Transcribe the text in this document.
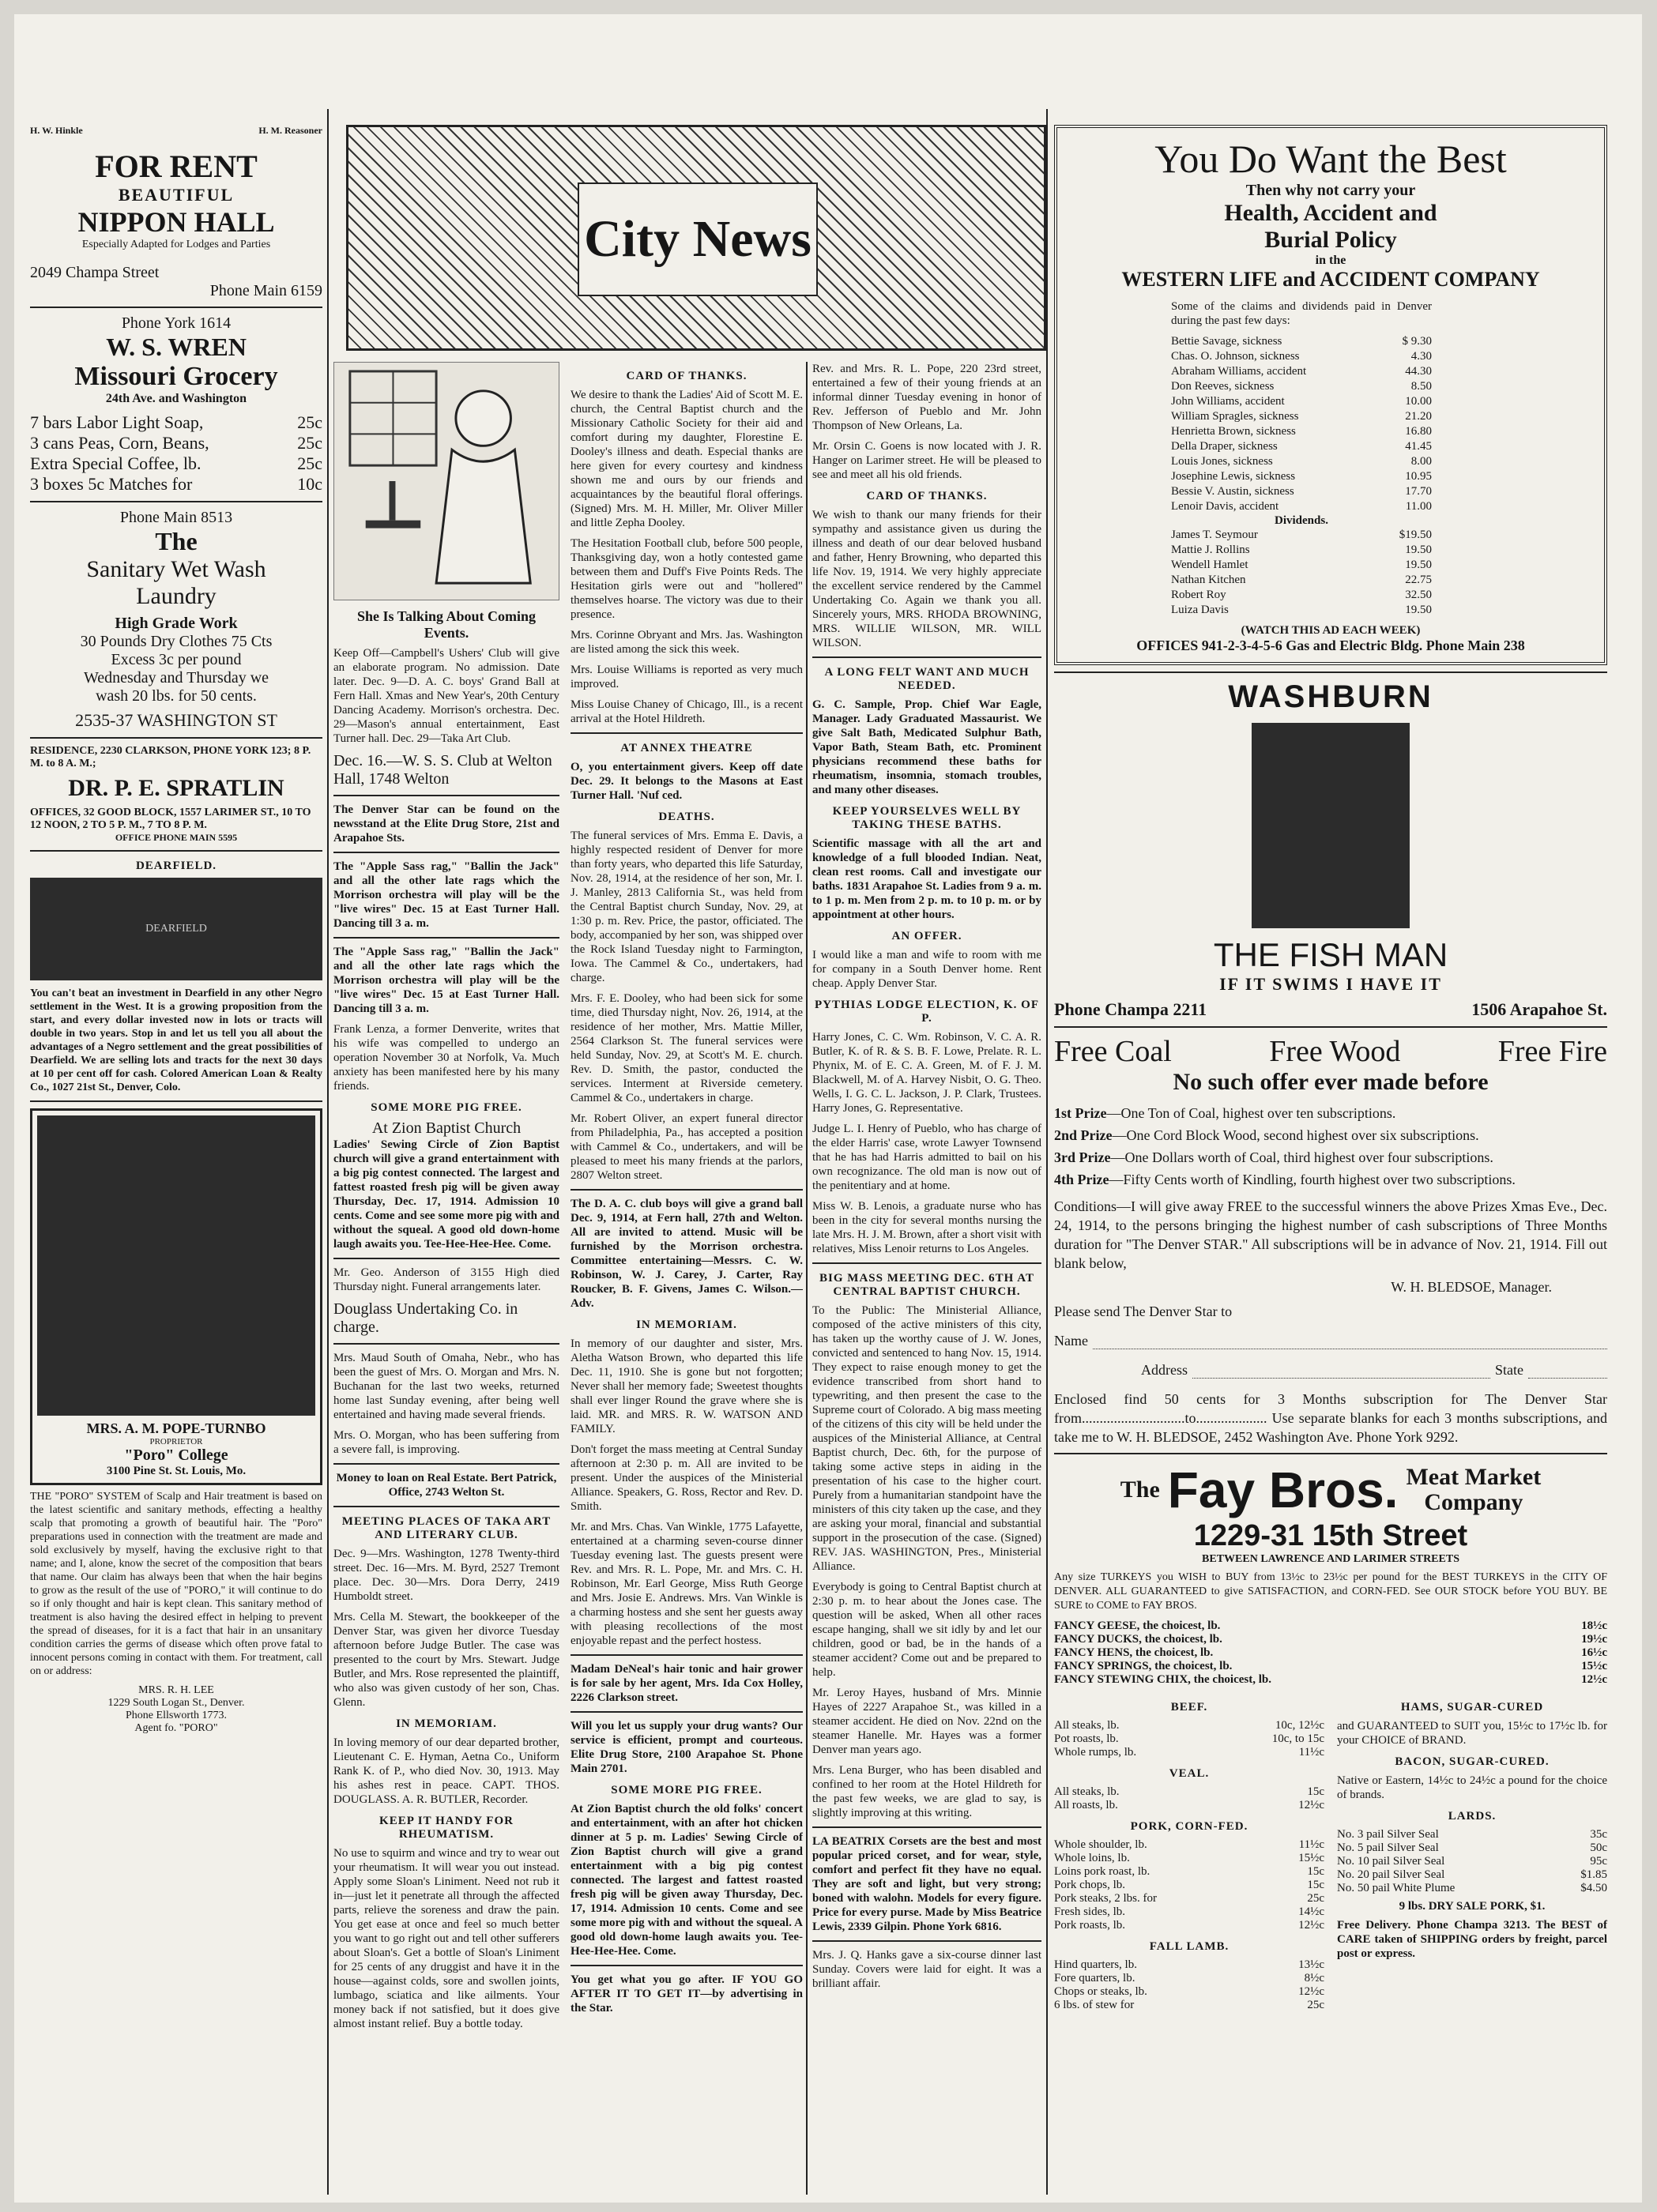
H. W. Hinkle	H. M. Reasoner
FOR RENT
BEAUTIFUL
NIPPON HALL
Especially Adapted for Lodges and Parties
2049 Champa Street
Phone Main 6159
Phone York 1614
W. S. WREN
Missouri Grocery
24th Ave. and Washington
7 bars Labor Light Soap,	25c
3 cans Peas, Corn, Beans,	25c
Extra Special Coffee, lb.	25c
3 boxes 5c Matches for	10c
Phone Main 8513
The
Sanitary Wet Wash
Laundry
High Grade Work
30 Pounds Dry Clothes 75 Cts
Excess 3c per pound
Wednesday and Thursday we
wash 20 lbs. for 50 cents.
2535-37 WASHINGTON ST
RESIDENCE, 2230 CLARKSON, PHONE YORK 123; 8 P. M. to 8 A. M.;
DR. P. E. SPRATLIN
OFFICES, 32 GOOD BLOCK, 1557 LARIMER ST., 10 TO 12 NOON, 2 TO 5 P. M., 7 TO 8 P. M.
OFFICE PHONE MAIN 5595
DEARFIELD.
DEARFIELD

You can't beat an investment in Dearfield in any other Negro settlement in the West. It is a growing proposition from the start, and every dollar invested now in lots or tracts will double in two years. Stop in and let us tell you all about the advantages of a Negro settlement and the great possibilities of Dearfield. We are selling lots and tracts for the next 30 days at 10 per cent off for cash. Colored American Loan & Realty Co., 1027 21st St., Denver, Colo.

MRS. A. M. POPE-TURNBO
PROPRIETOR
"Poro" College
3100 Pine St. St. Louis, Mo.

THE "PORO" SYSTEM of Scalp and Hair treatment is based on the latest scientific and sanitary methods, effecting a healthy scalp that promoting a growth of beautiful hair. The "Poro" preparations used in connection with the treatment are made and sold exclusively by myself, having the exclusive right to that name; and I, alone, know the secret of the composition that bears that name. Our claim has always been that when the hair begins to grow as the result of the use of "PORO," it will continue to do so if only thought and hair is kept clean. This sanitary method of treatment is also having the desired effect in helping to prevent the spread of diseases, for it is a fact that hair in an unsanitary condition carries the germs of disease which often prove fatal to innocent persons coming in contact with them. For treatment, call on or address:

MRS. R. H. LEE
1229 South Logan St., Denver.
Phone Ellsworth 1773.
Agent fo. "PORO"
City News
She Is Talking About Coming Events.

Keep Off—Campbell's Ushers' Club will give an elaborate program. No admission. Date later. Dec. 9—D. A. C. boys' Grand Ball at Fern Hall. Xmas and New Year's, 20th Century Dancing Academy. Morrison's orchestra. Dec. 29—Mason's annual entertainment, East Turner hall. Dec. 29—Taka Art Club.

Dec. 16.—W. S. S. Club at Welton Hall, 1748 Welton

The Denver Star can be found on the newsstand at the Elite Drug Store, 21st and Arapahoe Sts.

The "Apple Sass rag," "Ballin the Jack" and all the other late rags which the Morrison orchestra will play will be the "live wires" Dec. 15 at East Turner Hall. Dancing till 3 a. m.

The "Apple Sass rag," "Ballin the Jack" and all the other late rags which the Morrison orchestra will play will be the "live wires" Dec. 15 at East Turner Hall. Dancing till 3 a. m.

Frank Lenza, a former Denverite, writes that his wife was compelled to undergo an operation November 30 at Norfolk, Va. Much anxiety has been manifested here by his many friends.

SOME MORE PIG FREE.
At Zion Baptist Church

Ladies' Sewing Circle of Zion Baptist church will give a grand entertainment with a big pig contest connected. The largest and fattest roasted fresh pig will be given away Thursday, Dec. 17, 1914. Admission 10 cents. Come and see some more pig with and without the squeal. A good old down-home laugh awaits you. Tee-Hee-Hee-Hee. Come.

Mr. Geo. Anderson of 3155 High died Thursday night. Funeral arrangements later.

Douglass Undertaking Co. in charge.

Mrs. Maud South of Omaha, Nebr., who has been the guest of Mrs. O. Morgan and Mrs. N. Buchanan for the last two weeks, returned home last Sunday evening, after being well entertained and having made several friends.

Mrs. O. Morgan, who has been suffering from a severe fall, is improving.

Money to loan on Real Estate. Bert Patrick, Office, 2743 Welton St.

MEETING PLACES OF TAKA ART AND LITERARY CLUB.

Dec. 9—Mrs. Washington, 1278 Twenty-third street. Dec. 16—Mrs. M. Byrd, 2527 Tremont place. Dec. 30—Mrs. Dora Derry, 2419 Humboldt street.

Mrs. Cella M. Stewart, the bookkeeper of the Denver Star, was given her divorce Tuesday afternoon before Judge Butler. The case was presented to the court by Mrs. Stewart. Judge Butler, and Mrs. Rose represented the plaintiff, who also was given custody of her son, Chas. Glenn.

IN MEMORIAM.

In loving memory of our dear departed brother, Lieutenant C. E. Hyman, Aetna Co., Uniform Rank K. of P., who died Nov. 30, 1913. May his ashes rest in peace. CAPT. THOS. DOUGLASS. A. R. BUTLER, Recorder.

KEEP IT HANDY FOR RHEUMATISM.

No use to squirm and wince and try to wear out your rheumatism. It will wear you out instead. Apply some Sloan's Liniment. Need not rub it in—just let it penetrate all through the affected parts, relieve the soreness and draw the pain. You get ease at once and feel so much better you want to go right out and tell other sufferers about Sloan's. Get a bottle of Sloan's Liniment for 25 cents of any druggist and have it in the house—against colds, sore and swollen joints, lumbago, sciatica and like ailments. Your money back if not satisfied, but it does give almost instant relief. Buy a bottle today.

CARD OF THANKS.

We desire to thank the Ladies' Aid of Scott M. E. church, the Central Baptist church and the Missionary Catholic Society for their aid and comfort during my daughter, Florestine E. Dooley's illness and death. Especial thanks are here given for every courtesy and kindness shown me and ours by our friends and acquaintances by the beautiful floral offerings. (Signed) Mrs. M. H. Miller, Mr. Oliver Miller and little Zepha Dooley.

The Hesitation Football club, before 500 people, Thanksgiving day, won a hotly contested game between them and Duff's Five Points Reds. The Hesitation girls were out and "hollered" themselves hoarse. The victory was due to their presence.

Mrs. Corinne Obryant and Mrs. Jas. Washington are listed among the sick this week.

Mrs. Louise Williams is reported as very much improved.

Miss Louise Chaney of Chicago, Ill., is a recent arrival at the Hotel Hildreth.

AT ANNEX THEATRE

O, you entertainment givers. Keep off date Dec. 29. It belongs to the Masons at East Turner Hall. 'Nuf ced.

DEATHS.

The funeral services of Mrs. Emma E. Davis, a highly respected resident of Denver for more than forty years, who departed this life Saturday, Nov. 28, 1914, at the residence of her son, Mr. I. J. Manley, 2813 California St., was held from the Central Baptist church Sunday, Nov. 29, at 1:30 p. m. Rev. Price, the pastor, officiated. The body, accompanied by her son, was shipped over the Rock Island Tuesday night to Farmington, Iowa. The Cammel & Co., undertakers, had charge.

Mrs. F. E. Dooley, who had been sick for some time, died Thursday night, Nov. 26, 1914, at the residence of her mother, Mrs. Mattie Miller, 2564 Clarkson St. The funeral services were held Sunday, Nov. 29, at Scott's M. E. church. Rev. D. Smith, the pastor, conducted the services. Interment at Riverside cemetery. Cammel & Co., undertakers in charge.

Mr. Robert Oliver, an expert funeral director from Philadelphia, Pa., has accepted a position with Cammel & Co., undertakers, and will be pleased to meet his many friends at the parlors, 2807 Welton street.

The D. A. C. club boys will give a grand ball Dec. 9, 1914, at Fern hall, 27th and Welton. All are invited to attend. Music will be furnished by the Morrison orchestra. Committee entertaining—Messrs. C. W. Robinson, W. J. Carey, J. Carter, Ray Roucker, B. F. Givens, James C. Wilson.—Adv.

IN MEMORIAM.

In memory of our daughter and sister, Mrs. Aletha Watson Brown, who departed this life Dec. 11, 1910. She is gone but not forgotten; Never shall her memory fade; Sweetest thoughts shall ever linger Round the grave where she is laid. MR. and MRS. R. W. WATSON AND FAMILY.

Don't forget the mass meeting at Central Sunday afternoon at 2:30 p. m. All are invited to be present. Under the auspices of the Ministerial Alliance. Speakers, G. Ross, Rector and Rev. D. Smith.

Mr. and Mrs. Chas. Van Winkle, 1775 Lafayette, entertained at a charming seven-course dinner Tuesday evening last. The guests present were Rev. and Mrs. R. L. Pope, Mr. and Mrs. C. H. Robinson, Mr. Earl George, Miss Ruth George and Mrs. Josie E. Andrews. Mrs. Van Winkle is a charming hostess and she sent her guests away with pleasing recollections of the most enjoyable repast and the perfect hostess.

Madam DeNeal's hair tonic and hair grower is for sale by her agent, Mrs. Ida Cox Holley, 2226 Clarkson street.

Will you let us supply your drug wants? Our service is efficient, prompt and courteous. Elite Drug Store, 2100 Arapahoe St. Phone Main 2701.

SOME MORE PIG FREE.

At Zion Baptist church the old folks' concert and entertainment, with an after hot chicken dinner at 5 p. m. Ladies' Sewing Circle of Zion Baptist church will give a grand entertainment with a big pig contest connected. The largest and fattest roasted fresh pig will be given away Thursday, Dec. 17, 1914. Admission 10 cents. Come and see some more pig with and without the squeal. A good old down-home laugh awaits you. Tee-Hee-Hee-Hee. Come.

You get what you go after. IF YOU GO AFTER IT TO GET IT—by advertising in the Star.

Rev. and Mrs. R. L. Pope, 220 23rd street, entertained a few of their young friends at an informal dinner Tuesday evening in honor of Rev. Jefferson of Pueblo and Mr. John Thompson of New Orleans, La.

Mr. Orsin C. Goens is now located with J. R. Hanger on Larimer street. He will be pleased to see and meet all his old friends.

CARD OF THANKS.

We wish to thank our many friends for their sympathy and assistance given us during the illness and death of our dear beloved husband and father, Henry Browning, who departed this life Nov. 19, 1914. We very highly appreciate the excellent service rendered by the Cammel Undertaking Co. Again we thank you all. Sincerely yours, MRS. RHODA BROWNING, MRS. WILLIE WILSON, MR. WILL WILSON.

A LONG FELT WANT AND MUCH NEEDED.

G. C. Sample, Prop. Chief War Eagle, Manager. Lady Graduated Massaurist. We give Salt Bath, Medicated Sulphur Bath, Vapor Bath, Steam Bath, etc. Prominent physicians recommend these baths for rheumatism, insomnia, stomach troubles, and many other diseases.

KEEP YOURSELVES WELL BY TAKING THESE BATHS.

Scientific massage with all the art and knowledge of a full blooded Indian. Neat, clean rest rooms. Call and investigate our baths. 1831 Arapahoe St. Ladies from 9 a. m. to 1 p. m. Men from 2 p. m. to 10 p. m. or by appointment at other hours.

AN OFFER.

I would like a man and wife to room with me for company in a South Denver home. Rent cheap. Apply Denver Star.

PYTHIAS LODGE ELECTION, K. OF P.

Harry Jones, C. C. Wm. Robinson, V. C. A. R. Butler, K. of R. & S. B. F. Lowe, Prelate. R. L. Phynix, M. of E. C. A. Green, M. of F. J. M. Blackwell, M. of A. Harvey Nisbit, O. G. Theo. Wells, I. G. C. L. Jackson, J. P. Clark, Trustees. Harry Jones, G. Representative.

Judge L. I. Henry of Pueblo, who has charge of the elder Harris' case, wrote Lawyer Townsend that he has had Harris admitted to bail on his own recognizance. The old man is now out of the penitentiary and at home.

Miss W. B. Lenois, a graduate nurse who has been in the city for several months nursing the late Mrs. H. J. M. Brown, after a short visit with relatives, Miss Lenoir returns to Los Angeles.

BIG MASS MEETING DEC. 6TH AT CENTRAL BAPTIST CHURCH.

To the Public: The Ministerial Alliance, composed of the active ministers of this city, has taken up the worthy cause of J. W. Jones, convicted and sentenced to hang Nov. 15, 1914. They expect to raise enough money to get the evidence transcribed from short hand to typewriting, and then present the case to the Supreme court of Colorado. A big mass meeting of the citizens of this city will be held under the auspices of the Ministerial Alliance, at Central Baptist church, Dec. 6th, for the purpose of taking some active steps in aiding in the presentation of his case to the higher court. Purely from a humanitarian standpoint have the ministers of this city taken up the case, and they are asking your moral, financial and substantial support in the prosecution of the case. (Signed) REV. JAS. WASHINGTON, Pres., Ministerial Alliance.

Everybody is going to Central Baptist church at 2:30 p. m. to hear about the Jones case. The question will be asked, When all other races escape hanging, shall we sit idly by and let our children, good or bad, be in the hands of a steamer accident? Come out and be prepared to help.

Mr. Leroy Hayes, husband of Mrs. Minnie Hayes of 2227 Arapahoe St., was killed in a steamer accident. He died on Nov. 22nd on the steamer Hanelle. Mr. Hayes was a former Denver man years ago.

Mrs. Lena Burger, who has been disabled and confined to her room at the Hotel Hildreth for the past few weeks, we are glad to say, is slightly improving at this writing.

LA BEATRIX Corsets are the best and most popular priced corset, and for wear, style, comfort and perfect fit they have no equal. They are soft and light, but very strong; boned with walohn. Models for every figure. Price for every purse. Made by Miss Beatrice Lewis, 2339 Gilpin. Phone York 6816.

Mrs. J. Q. Hanks gave a six-course dinner last Sunday. Covers were laid for eight. It was a brilliant affair.

You Do Want the Best
Then why not carry your
Health, Accident and
Burial Policy
in the
WESTERN LIFE and ACCIDENT COMPANY

Some of the claims and dividends paid in Denver during the past few days:

Bettie Savage, sickness	$ 9.30
Chas. O. Johnson, sickness	4.30
Abraham Williams, accident	44.30
Don Reeves, sickness	8.50
John Williams, accident	10.00
William Spragles, sickness	21.20
Henrietta Brown, sickness	16.80
Della Draper, sickness	41.45
Louis Jones, sickness	8.00
Josephine Lewis, sickness	10.95
Bessie V. Austin, sickness	17.70
Lenoir Davis, accident	11.00
Dividends.
James T. Seymour	$19.50
Mattie J. Rollins	19.50
Wendell Hamlet	19.50
Nathan Kitchen	22.75
Robert Roy	32.50
Luiza Davis	19.50
(WATCH THIS AD EACH WEEK)
OFFICES 941-2-3-4-5-6 Gas and Electric Bldg. Phone Main 238
WASHBURN
THE FISH MAN
IF IT SWIMS I HAVE IT
Phone Champa 2211	1506 Arapahoe St.
Free Coal	Free Wood	Free Fire
No such offer ever made before
1st Prize—One Ton of Coal, highest over ten subscriptions.
2nd Prize—One Cord Block Wood, second highest over six subscriptions.
3rd Prize—One Dollars worth of Coal, third highest over four subscriptions.
4th Prize—Fifty Cents worth of Kindling, fourth highest over two subscriptions.

Conditions—I will give away FREE to the successful winners the above Prizes Xmas Eve., Dec. 24, 1914, to the persons bringing the highest number of cash subscriptions of Three Months duration for "The Denver STAR." All subscriptions will be in advance of Nov. 21, 1914. Fill out blank below,

W. H. BLEDSOE, Manager.
Please send The Denver Star to
Name
Address	State

Enclosed find 50 cents for 3 Months subscription for The Denver Star from.............................to.................... Use separate blanks for each 3 months subscriptions, and take me to W. H. BLEDSOE, 2452 Washington Ave. Phone York 9292.

The Fay Bros. Meat Market
Company
1229-31 15th Street
BETWEEN LAWRENCE AND LARIMER STREETS

Any size TURKEYS you WISH to BUY from 13½c to 23½c per pound for the BEST TURKEYS in the CITY OF DENVER. ALL GUARANTEED to give SATISFACTION, and CORN-FED. See OUR STOCK before YOU BUY. BE SURE to COME to FAY BROS.

FANCY GEESE, the choicest, lb.	18½c
FANCY DUCKS, the choicest, lb.	19½c
FANCY HENS, the choicest, lb.	16½c
FANCY SPRINGS, the choicest, lb.	15½c
FANCY STEWING CHIX, the choicest, lb.	12½c
BEEF.
All steaks, lb.	10c, 12½c
Pot roasts, lb.	10c, to 15c
Whole rumps, lb.	11½c
VEAL.
All steaks, lb.	15c
All roasts, lb.	12½c
PORK, CORN-FED.
Whole shoulder, lb.	11½c
Whole loins, lb.	15½c
Loins pork roast, lb.	15c
Pork chops, lb.	15c
Pork steaks, 2 lbs. for	25c
Fresh sides, lb.	14½c
Pork roasts, lb.	12½c
FALL LAMB.
Hind quarters, lb.	13½c
Fore quarters, lb.	8½c
Chops or steaks, lb.	12½c
6 lbs. of stew for	25c
HAMS, SUGAR-CURED

and GUARANTEED to SUIT you, 15½c to 17½c lb. for your CHOICE of BRAND.

BACON, SUGAR-CURED.

Native or Eastern, 14½c to 24½c a pound for the choice of brands.

LARDS.
No. 3 pail Silver Seal	35c
No. 5 pail Silver Seal	50c
No. 10 pail Silver Seal	95c
No. 20 pail Silver Seal	$1.85
No. 50 pail White Plume	$4.50
9 lbs. DRY SALE PORK, $1.

Free Delivery. Phone Champa 3213. The BEST of CARE taken of SHIPPING orders by freight, parcel post or express.
